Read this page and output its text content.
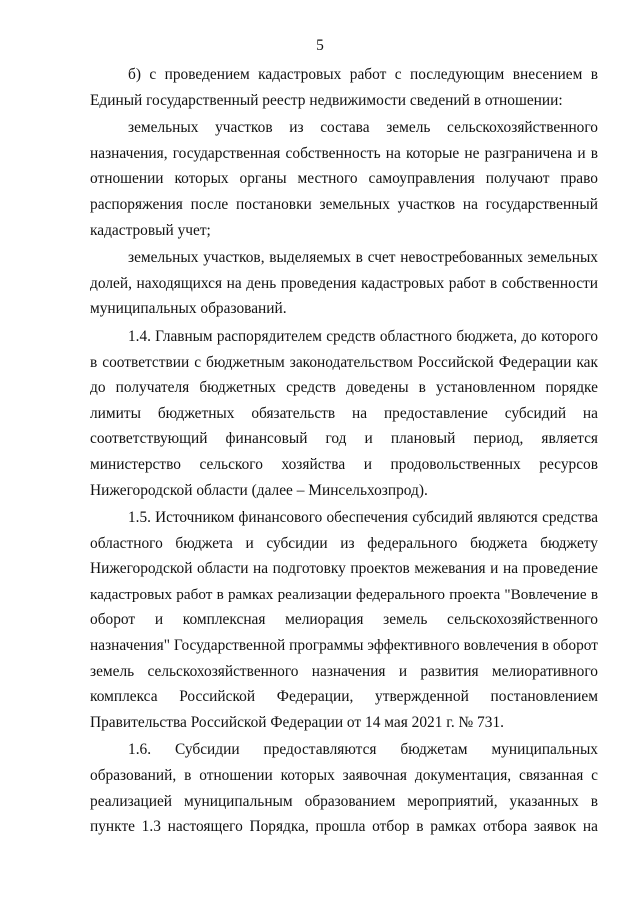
5
б) с проведением кадастровых работ с последующим внесением в
Единый государственный реестр недвижимости сведений в отношении:
земельных участков из состава земель сельскохозяйственного
назначения, государственная собственность на которые не разграничена и в
отношении которых органы местного самоуправления получают право
распоряжения после постановки земельных участков на государственный
кадастровый учет;
земельных участков, выделяемых в счет невостребованных земельных
долей, находящихся на день проведения кадастровых работ в собственности
муниципальных образований.
1.4. Главным распорядителем средств областного бюджета, до которого
в соответствии с бюджетным законодательством Российской Федерации как
до получателя бюджетных средств доведены в установленном порядке
лимиты бюджетных обязательств на предоставление субсидий на
соответствующий финансовый год и плановый период, является
министерство сельского хозяйства и продовольственных ресурсов
Нижегородской области (далее – Минсельхозпрод).
1.5. Источником финансового обеспечения субсидий являются средства
областного бюджета и субсидии из федерального бюджета бюджету
Нижегородской области на подготовку проектов межевания и на проведение
кадастровых работ в рамках реализации федерального проекта "Вовлечение в
оборот и комплексная мелиорация земель сельскохозяйственного
назначения" Государственной программы эффективного вовлечения в оборот
земель сельскохозяйственного назначения и развития мелиоративного
комплекса Российской Федерации, утвержденной постановлением
Правительства Российской Федерации от 14 мая 2021 г. № 731.
1.6. Субсидии предоставляются бюджетам муниципальных
образований, в отношении которых заявочная документация, связанная с
реализацией муниципальным образованием мероприятий, указанных в
пункте 1.3 настоящего Порядка, прошла отбор в рамках отбора заявок на
